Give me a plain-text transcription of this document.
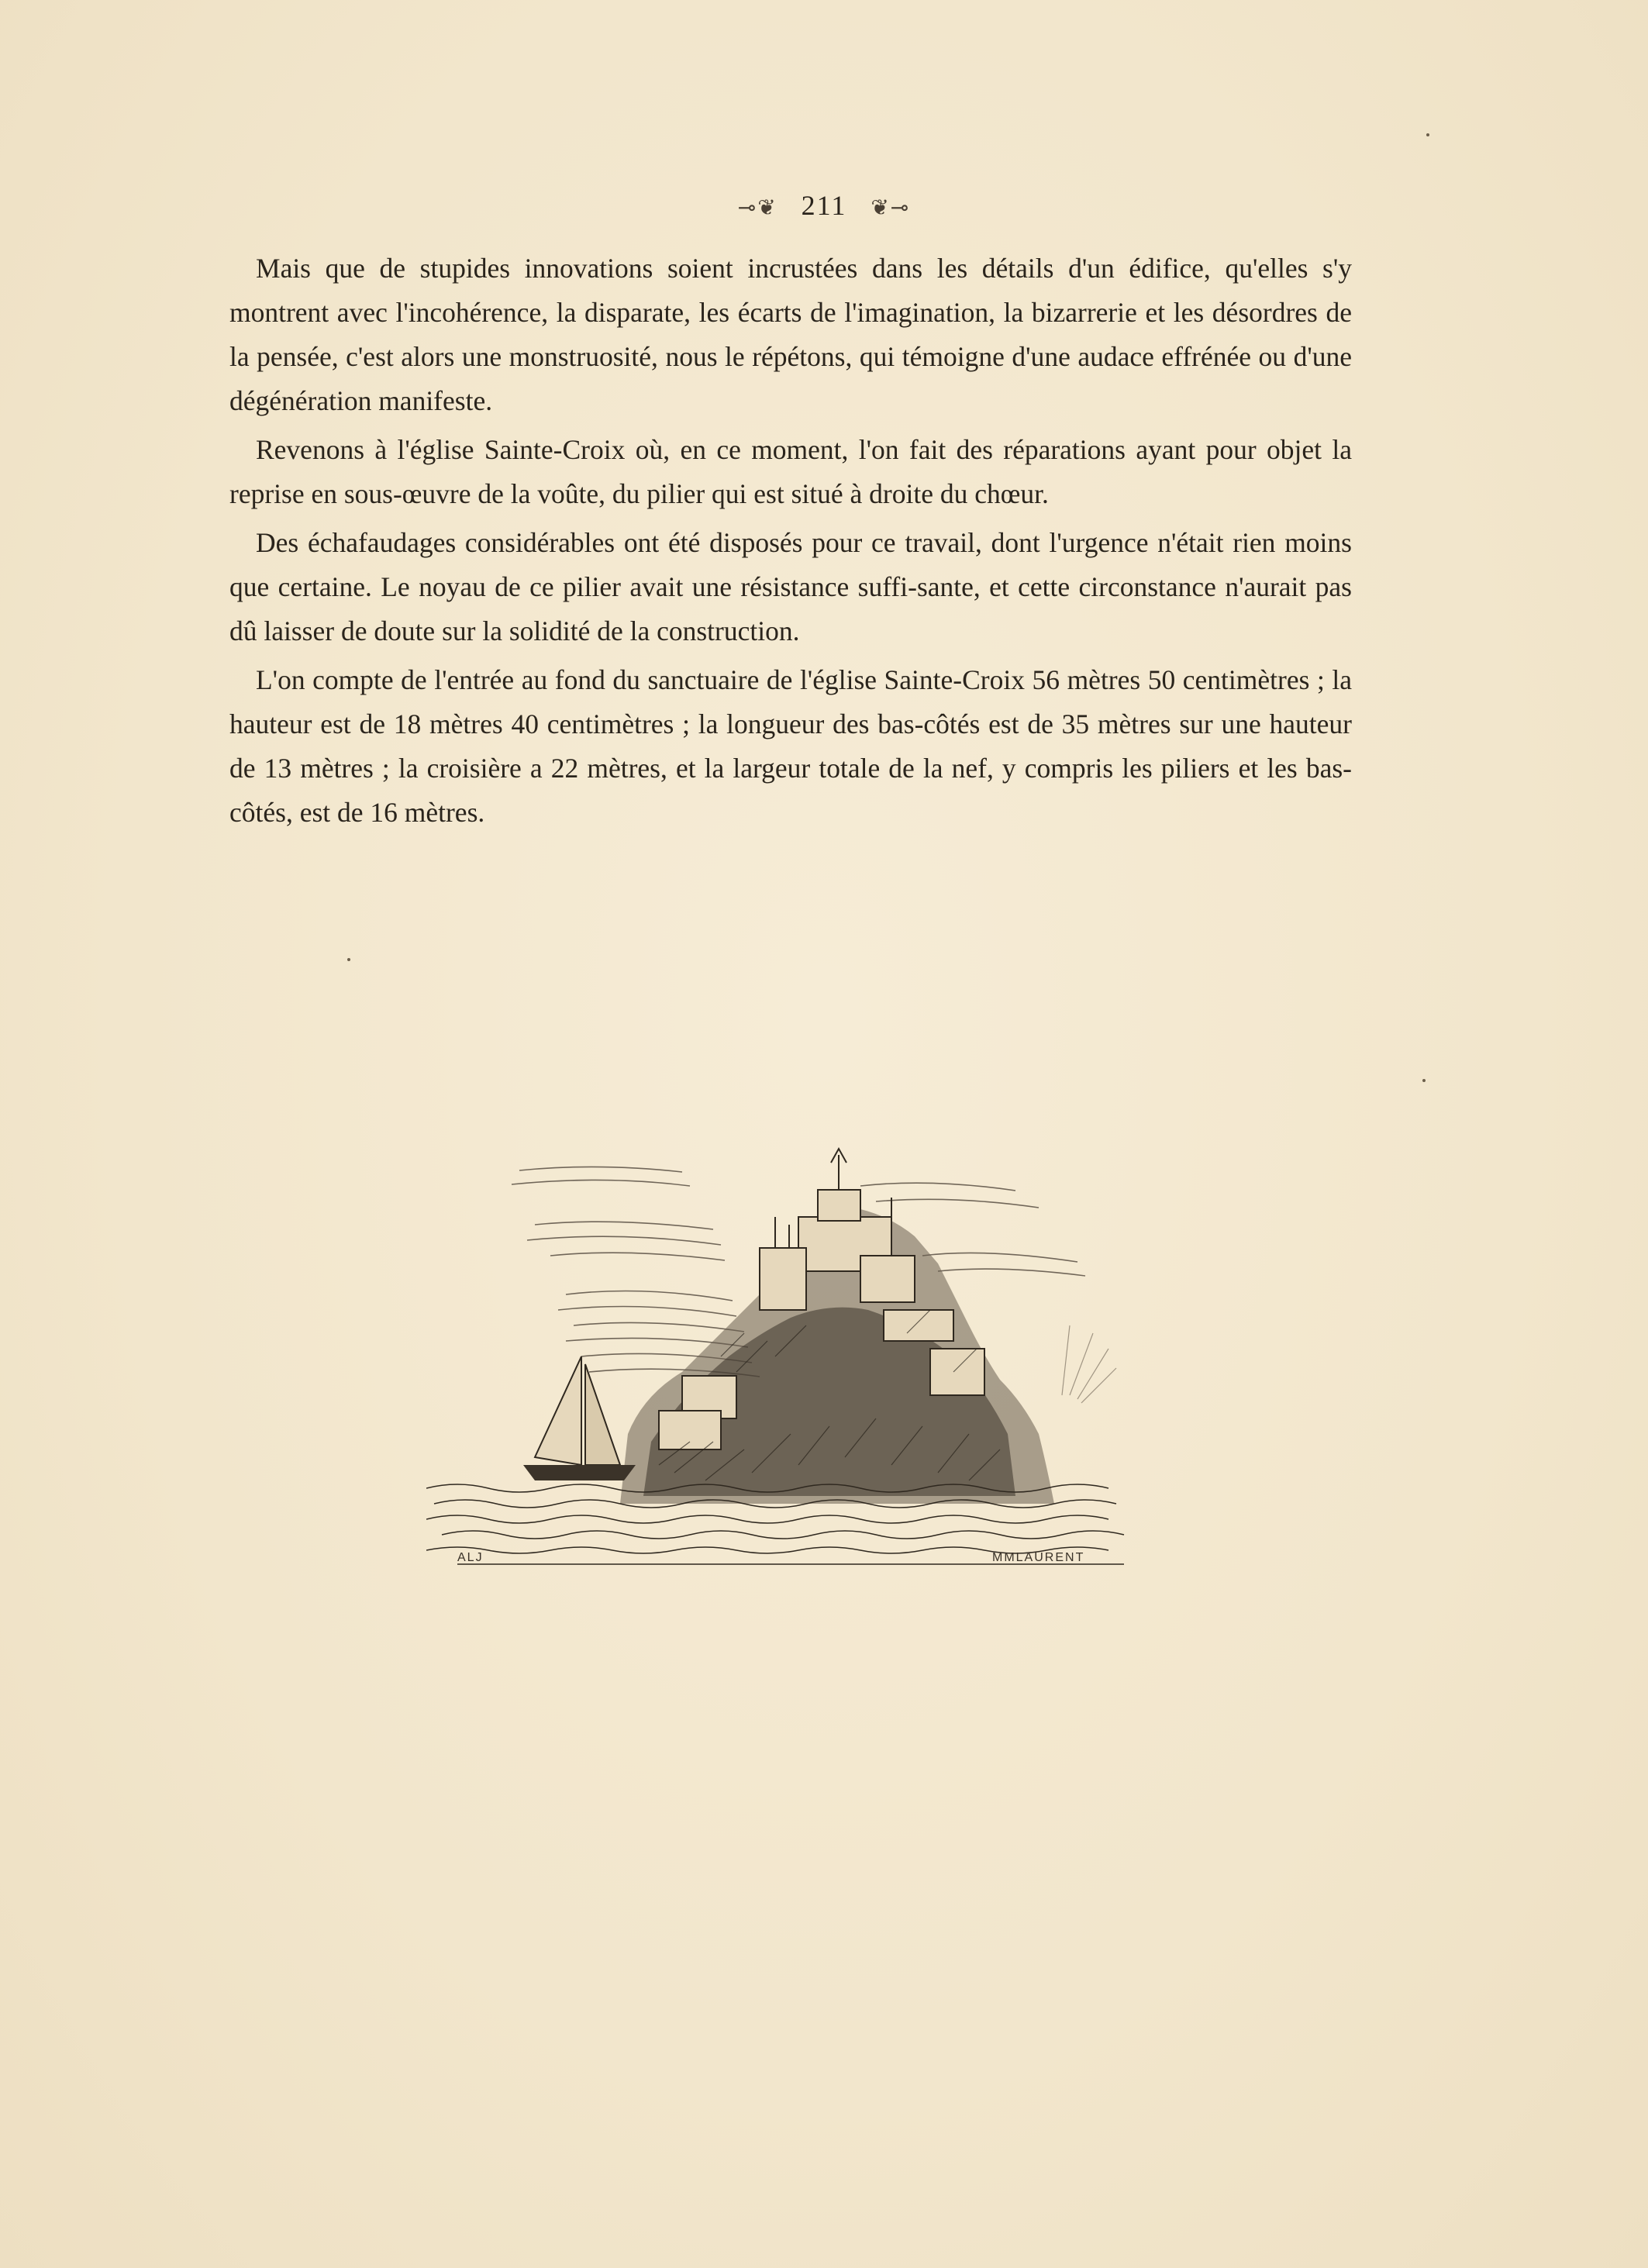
⊸❦ 211 ❦⊸

Mais que de stupides innovations soient incrustées dans les détails d'un édifice, qu'elles s'y montrent avec l'incohérence, la disparate, les écarts de l'imagination, la bizarrerie et les désordres de la pensée, c'est alors une monstruosité, nous le répétons, qui témoigne d'une audace effrénée ou d'une dégénération manifeste.

Revenons à l'église Sainte-Croix où, en ce moment, l'on fait des réparations ayant pour objet la reprise en sous-œuvre de la voûte, du pilier qui est situé à droite du chœur.

Des échafaudages considérables ont été disposés pour ce travail, dont l'urgence n'était rien moins que certaine. Le noyau de ce pilier avait une résistance suffi-sante, et cette circonstance n'aurait pas dû laisser de doute sur la solidité de la construction.

L'on compte de l'entrée au fond du sanctuaire de l'église Sainte-Croix 56 mètres 50 centimètres ; la hauteur est de 18 mètres 40 centimètres ; la longueur des bas-côtés est de 35 mètres sur une hauteur de 13 mètres ; la croisière a 22 mètres, et la largeur totale de la nef, y compris les piliers et les bas-côtés, est de 16 mètres.

ALJ	MMLAURENT
